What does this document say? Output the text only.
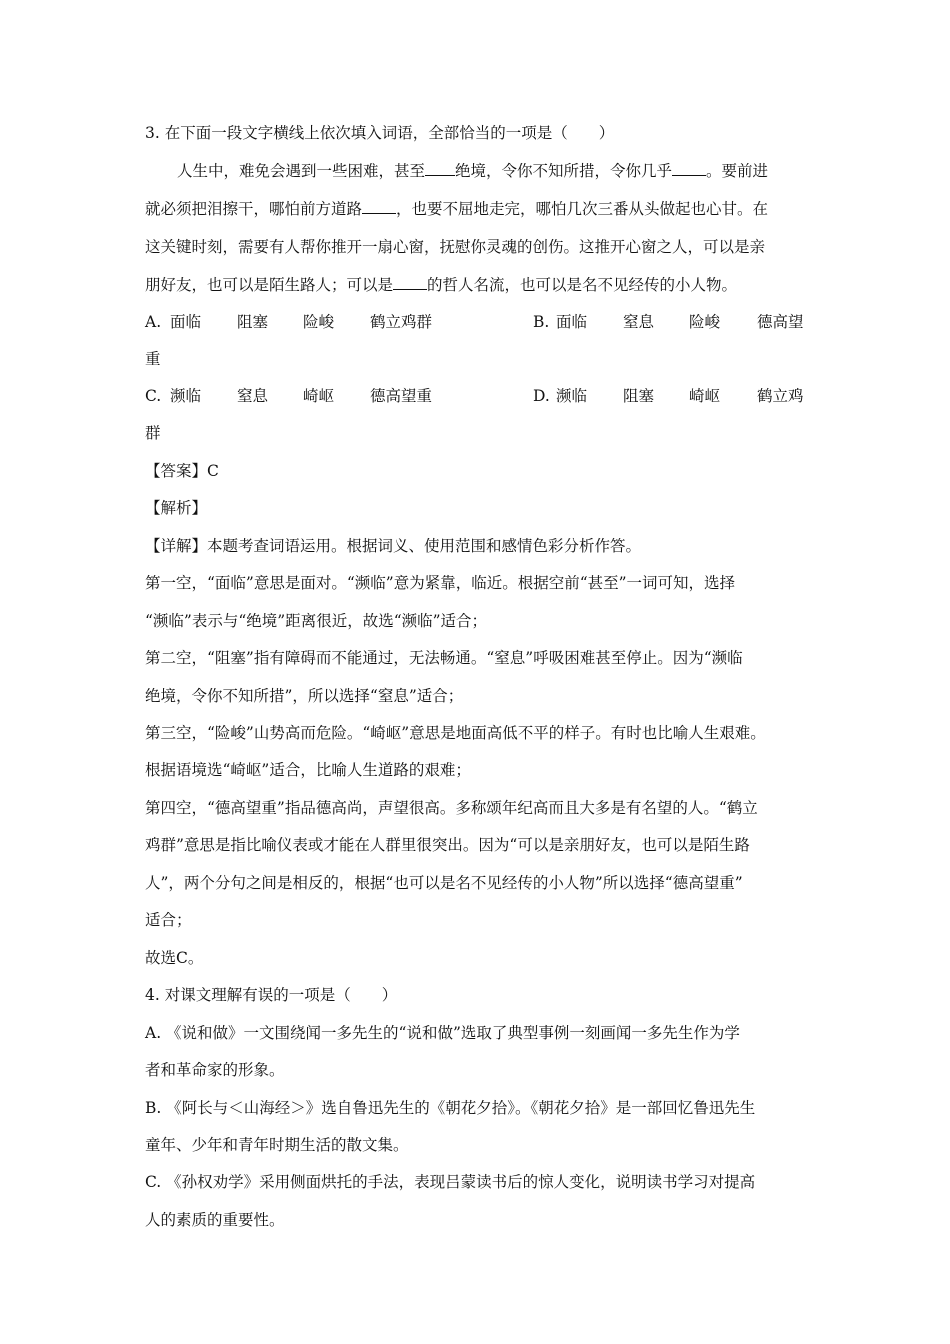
3. 在下面一段文字横线上依次填入词语，全部恰当的一项是（　　）
人生中，难免会遇到一些困难，甚至 绝境，令你不知所措，令你几乎 。要前进
就必须把泪擦干，哪怕前方道路 ，也要不屈地走完，哪怕几次三番从头做起也心甘。在
这关键时刻，需要有人帮你推开一扇心窗，抚慰你灵魂的创伤。这推开心窗之人，可以是亲
朋好友，也可以是陌生路人；可以是 的哲人名流，也可以是名不见经传的小人物。
A. 面临 阻塞 险峻 鹤立鸡群	B. 面临 窒息 险峻 德高望
重
C. 濒临 窒息 崎岖 德高望重	D. 濒临 阻塞 崎岖 鹤立鸡
群
【答案】C
【解析】
【详解】本题考查词语运用。根据词义、使用范围和感情色彩分析作答。
第一空，“面临”意思是面对。“濒临”意为紧靠，临近。根据空前“甚至”一词可知，选择
“濒临”表示与“绝境”距离很近，故选“濒临”适合；
第二空，“阻塞”指有障碍而不能通过，无法畅通。“窒息”呼吸困难甚至停止。因为“濒临
绝境，令你不知所措”，所以选择“窒息”适合；
第三空，“险峻”山势高而危险。“崎岖”意思是地面高低不平的样子。有时也比喻人生艰难。
根据语境选“崎岖”适合，比喻人生道路的艰难；
第四空，“德高望重”指品德高尚，声望很高。多称颂年纪高而且大多是有名望的人。“鹤立
鸡群”意思是指比喻仪表或才能在人群里很突出。因为“可以是亲朋好友，也可以是陌生路
人”，两个分句之间是相反的，根据“也可以是名不见经传的小人物”所以选择“德高望重”
适合；
故选C。
4. 对课文理解有误的一项是（　　）
A. 《说和做》一文围绕闻一多先生的“说和做”选取了典型事例一刻画闻一多先生作为学
者和革命家的形象。
B. 《阿长与＜山海经＞》选自鲁迅先生的《朝花夕拾》。《朝花夕拾》是一部回忆鲁迅先生
童年、少年和青年时期生活的散文集。
C. 《孙权劝学》采用侧面烘托的手法，表现吕蒙读书后的惊人变化，说明读书学习对提高
人的素质的重要性。
